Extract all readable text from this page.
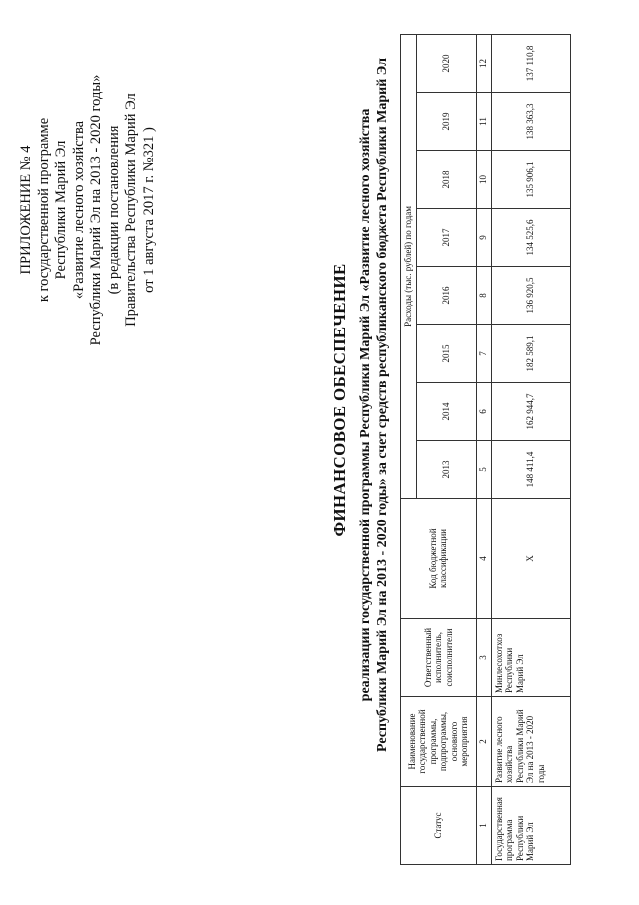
ПРИЛОЖЕНИЕ № 4 к государственной программе Республики Марий Эл «Развитие лесного хозяйства Республики Марий Эл на 2013 - 2020 годы» (в редакции постановления Правительства Республики Марий Эл от 1 августа 2017 г. №321 )
ФИНАНСОВОЕ ОБЕСПЕЧЕНИЕ реализации государственной программы Республики Марий Эл «Развитие лесного хозяйства Республики Марий Эл на 2013 - 2020 годы» за счет средств республиканского бюджета Республики Марий Эл
Статус	Наименование государственной программы, подпрограммы, основного мероприятия	Ответственный исполнитель, соисполнители	Код бюджетной классификации	Расходы (тыс. рублей) по годам							
				2013	2014	2015	2016	2017	2018	2019	2020
1	2	3	4	5	6	7	8	9	10	11	12
Государственная программа Республики Марий Эл	Развитие лесного хозяйства Республики Марий Эл на 2013 - 2020 годы	Минлесохотхоз Республики Марий Эл	Х	148 411,4	162 944,7	182 589,1	136 920,5	134 525,6	135 906,1	138 363,3	137 110,8
